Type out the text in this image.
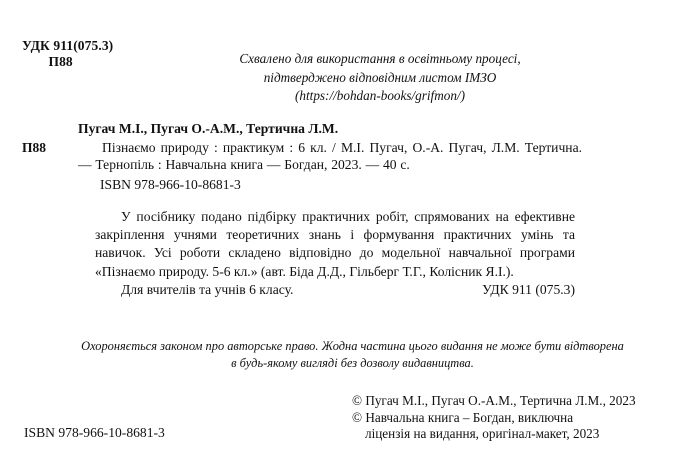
УДК 911(075.3)
П88	Схвалено для використання в освітньому процесі,
підтверджено відповідним листом ІМЗО
(https://bohdan-books/grifmon/)
Пугач М.І., Пугач О.-А.М., Тертична Л.М.
П88	Пізнаємо природу : практикум : 6 кл. / М.І. Пугач, О.-А. Пугач, Л.М. Тертична. — Тернопіль : Навчальна книга — Богдан, 2023. — 40 с.
ISBN 978-966-10-8681-3

У посібнику подано підбірку практичних робіт, спрямованих на ефективне закріплення учнями теоретичних знань і формування практичних умінь та навичок. Усі роботи складено відповідно до модельної навчальної програми «Пізнаємо природу. 5-6 кл.» (авт. Біда Д.Д., Гільберг Т.Г., Колісник Я.І.).

Для вчителів та учнів 6 класу.	УДК 911 (075.3)
Охороняється законом про авторське право. Жодна частина цього видання не може бути відтворена
в будь-якому вигляді без дозволу видавництва.
© Пугач М.І., Пугач О.-А.М., Тертична Л.М., 2023
© Навчальна книга – Богдан, виключна
ліцензія на видання, оригінал-макет, 2023
ISBN 978-966-10-8681-3
